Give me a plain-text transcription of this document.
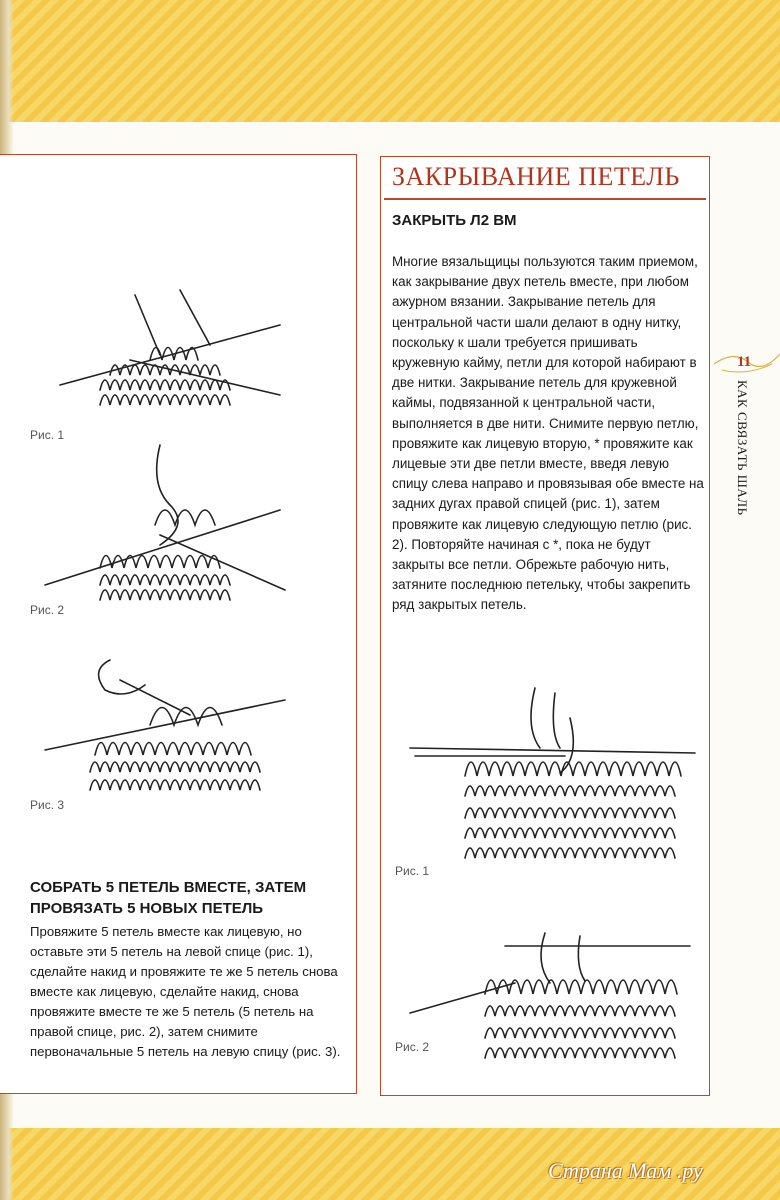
Рис. 1
Рис. 2
Рис. 3
СОБРАТЬ 5 ПЕТЕЛЬ ВМЕСТЕ, ЗАТЕМ ПРОВЯЗАТЬ 5 НОВЫХ ПЕТЕЛЬ
Провяжите 5 петель вместе как лицевую, но оставьте эти 5 петель на левой спице (рис. 1), сделайте накид и провяжите те же 5 петель снова вместе как лицевую, сделайте накид, снова провяжите вместе те же 5 петель (5 петель на правой спице, рис. 2), затем снимите первоначальные 5 петель на левую спицу (рис. 3).
ЗАКРЫВАНИЕ ПЕТЕЛЬ
ЗАКРЫТЬ Л2 ВМ
Многие вязальщицы пользуются таким приемом, как закрывание двух петель вместе, при любом ажурном вязании. Закрывание петель для центральной части шали делают в одну нитку, поскольку к шали требуется пришивать кружевную кайму, петли для которой набирают в две нитки. Закрывание петель для кружевной каймы, подвязанной к центральной части, выполняется в две нити. Снимите первую петлю, провяжите как лицевую вторую, * провяжите как лицевые эти две петли вместе, введя левую спицу слева направо и провязывая обе вместе на задних дугах правой спицей (рис. 1), затем провяжите как лицевую следующую петлю (рис. 2). Повторяйте начиная с *, пока не будут закрыты все петли. Обрежьте рабочую нить, затяните последнюю петельку, чтобы закрепить ряд закрытых петель.
Рис. 1
Рис. 2
11
КАК СВЯЗАТЬ ШАЛЬ
Страна Мам .ру
